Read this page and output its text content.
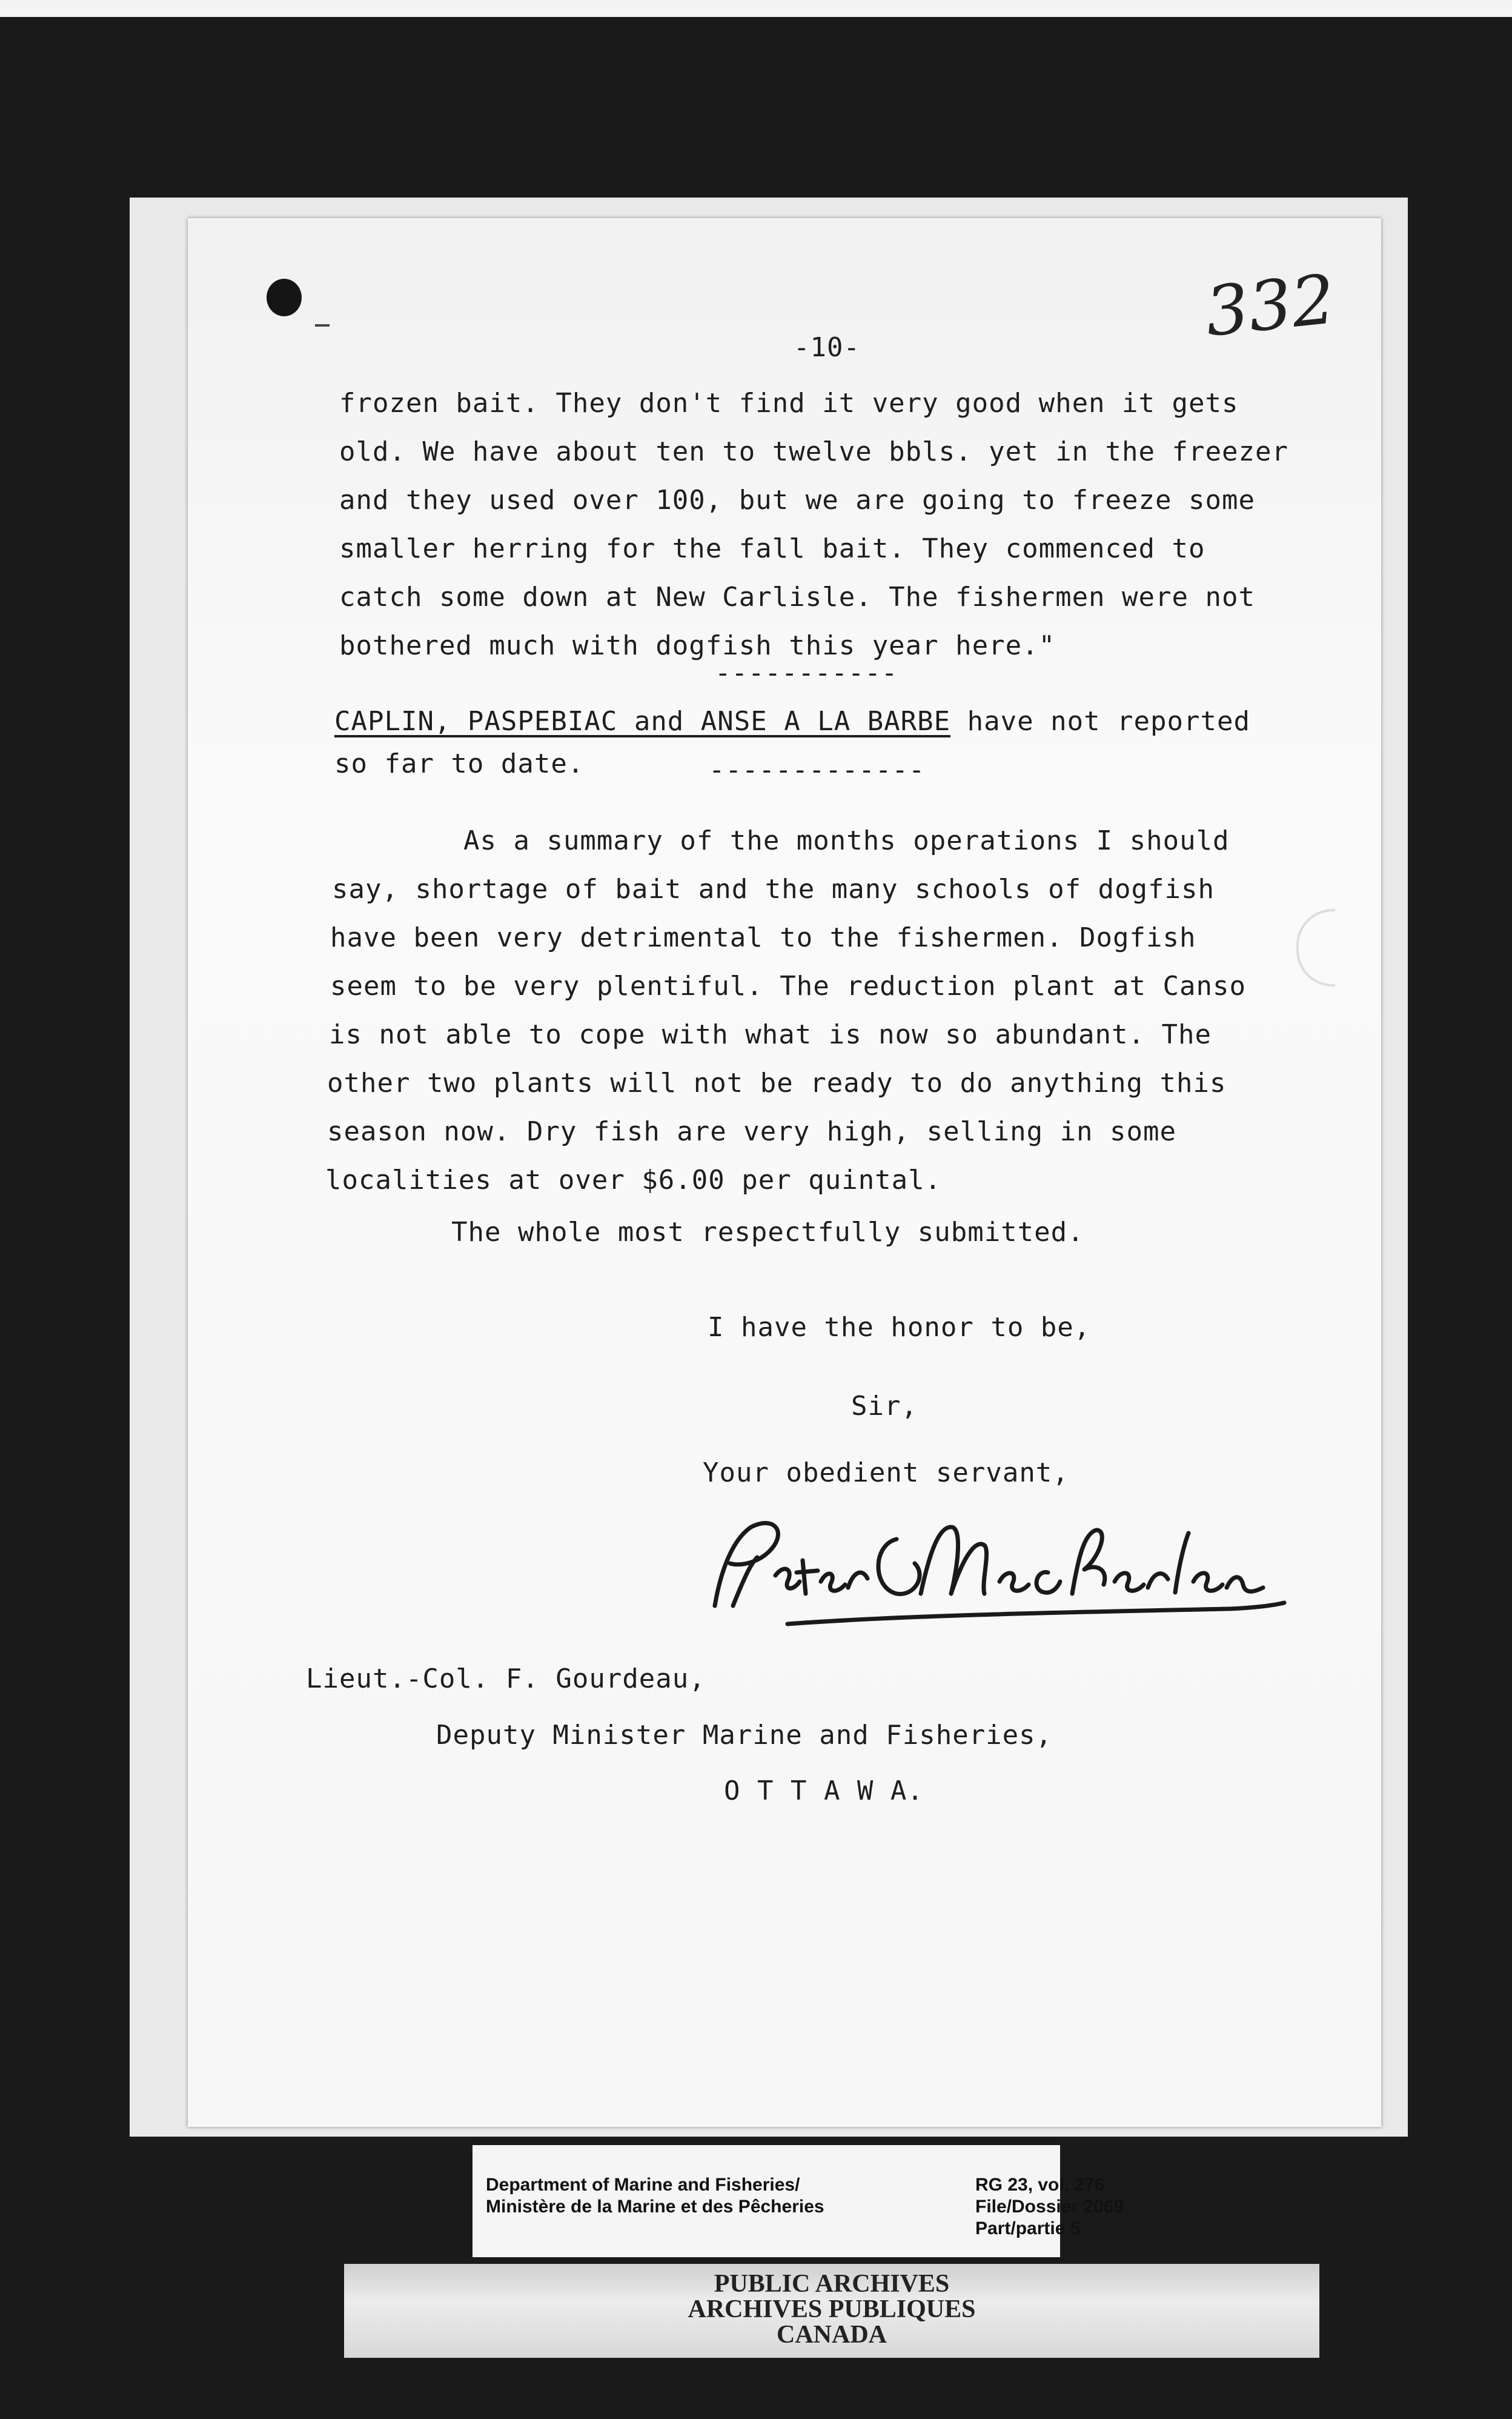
332
-10-
frozen bait. They don't find it very good when it gets
old. We have about ten to twelve bbls. yet in the freezer
and they used over 100, but we are going to freeze some
smaller herring for the fall bait. They commenced to
catch some down at New Carlisle. The fishermen were not
bothered much with dogfish this year here."
-----------
CAPLIN, PASPEBIAC and ANSE A LA BARBE have not reported
so far to date.	-------------
As a summary of the months operations I should
say, shortage of bait and the many schools of dogfish
have been very detrimental to the fishermen. Dogfish
seem to be very plentiful. The reduction plant at Canso
is not able to cope with what is now so abundant. The
other two plants will not be ready to do anything this
season now. Dry fish are very high, selling in some
localities at over $6.00 per quintal.
The whole most respectfully submitted.
I have the honor to be,
Sir,
Your obedient servant,
Lieut.-Col. F. Gourdeau,
Deputy Minister Marine and Fisheries,
O T T A W A.
Department of Marine and Fisheries/
Ministère de la Marine et des Pêcheries
RG 23, vol. 276
File/Dossier 2069
Part/partie 5
PUBLIC ARCHIVES
ARCHIVES PUBLIQUES
CANADA
